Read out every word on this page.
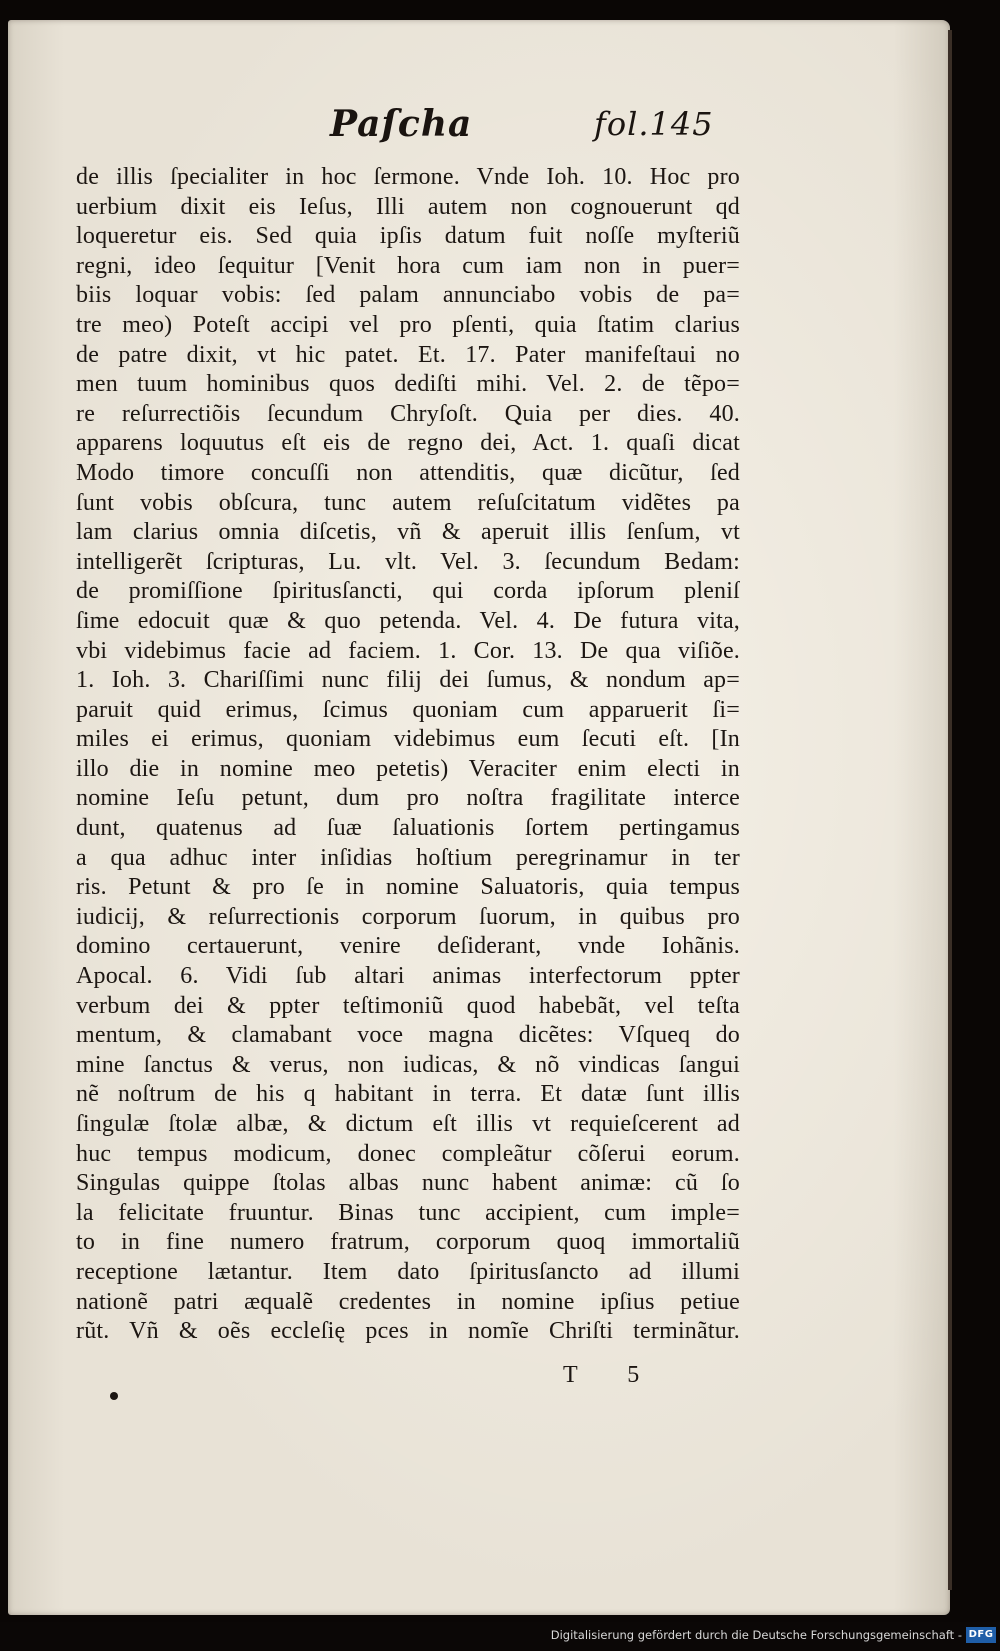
Paſcha	fol.145
de illis ſpecialiter in hoc ſermone. Vnde Ioh. 10. Hoc pro
uerbium dixit eis Ieſus, Illi autem non cognouerunt qd
loqueretur eis. Sed quia ipſis datum fuit noſſe myſteriũ
regni, ideo ſequitur [Venit hora cum iam non in puer=
biis loquar vobis: ſed palam annunciabo vobis de pa=
tre meo) Poteſt accipi vel pro pſenti, quia ſtatim clarius
de patre dixit, vt hic patet. Et. 17. Pater manifeſtaui no
men tuum hominibus quos dediſti mihi. Vel. 2. de tẽpo=
re reſurrectiõis ſecundum Chryſoſt. Quia per dies. 40.
apparens loquutus eſt eis de regno dei, Act. 1. quaſi dicat
Modo timore concuſſi non attenditis, quæ dicũtur, ſed
ſunt vobis obſcura, tunc autem reſuſcitatum vidẽtes pa
lam clarius omnia diſcetis, vñ & aperuit illis ſenſum, vt
intelligerẽt ſcripturas, Lu. vlt. Vel. 3. ſecundum Bedam:
de promiſſione ſpiritusſancti, qui corda ipſorum pleniſ
ſime edocuit quæ & quo petenda. Vel. 4. De futura vita,
vbi videbimus facie ad faciem. 1. Cor. 13. De qua viſiõe.
1. Ioh. 3. Chariſſimi nunc filij dei ſumus, & nondum ap=
paruit quid erimus, ſcimus quoniam cum apparuerit ſi=
miles ei erimus, quoniam videbimus eum ſecuti eſt. [In
illo die in nomine meo petetis) Veraciter enim electi in
nomine Ieſu petunt, dum pro noſtra fragilitate interce
dunt, quatenus ad ſuæ ſaluationis ſortem pertingamus
a qua adhuc inter inſidias hoſtium peregrinamur in ter
ris. Petunt & pro ſe in nomine Saluatoris, quia tempus
iudicij, & reſurrectionis corporum ſuorum, in quibus pro
domino certauerunt, venire deſiderant, vnde Iohãnis.
Apocal. 6. Vidi ſub altari animas interfectorum ppter
verbum dei & ppter teſtimoniũ quod habebãt, vel teſta
mentum, & clamabant voce magna dicẽtes: Vſqueq do
mine ſanctus & verus, non iudicas, & nõ vindicas ſangui
nẽ noſtrum de his q habitant in terra. Et datæ ſunt illis
ſingulæ ſtolæ albæ, & dictum eſt illis vt requieſcerent ad
huc tempus modicum, donec compleãtur cõſerui eorum.
Singulas quippe ſtolas albas nunc habent animæ: cũ ſo
la felicitate fruuntur. Binas tunc accipient, cum imple=
to in fine numero fratrum, corporum quoq immortaliũ
receptione lætantur. Item dato ſpiritusſancto ad illumi
nationẽ patri æqualẽ credentes in nomine ipſius petiue
rũt. Vñ & oẽs eccleſię pces in nomĩe Chriſti terminãtur.
T 5
Digitalisierung gefördert durch die Deutsche Forschungsgemeinschaft - DFG
